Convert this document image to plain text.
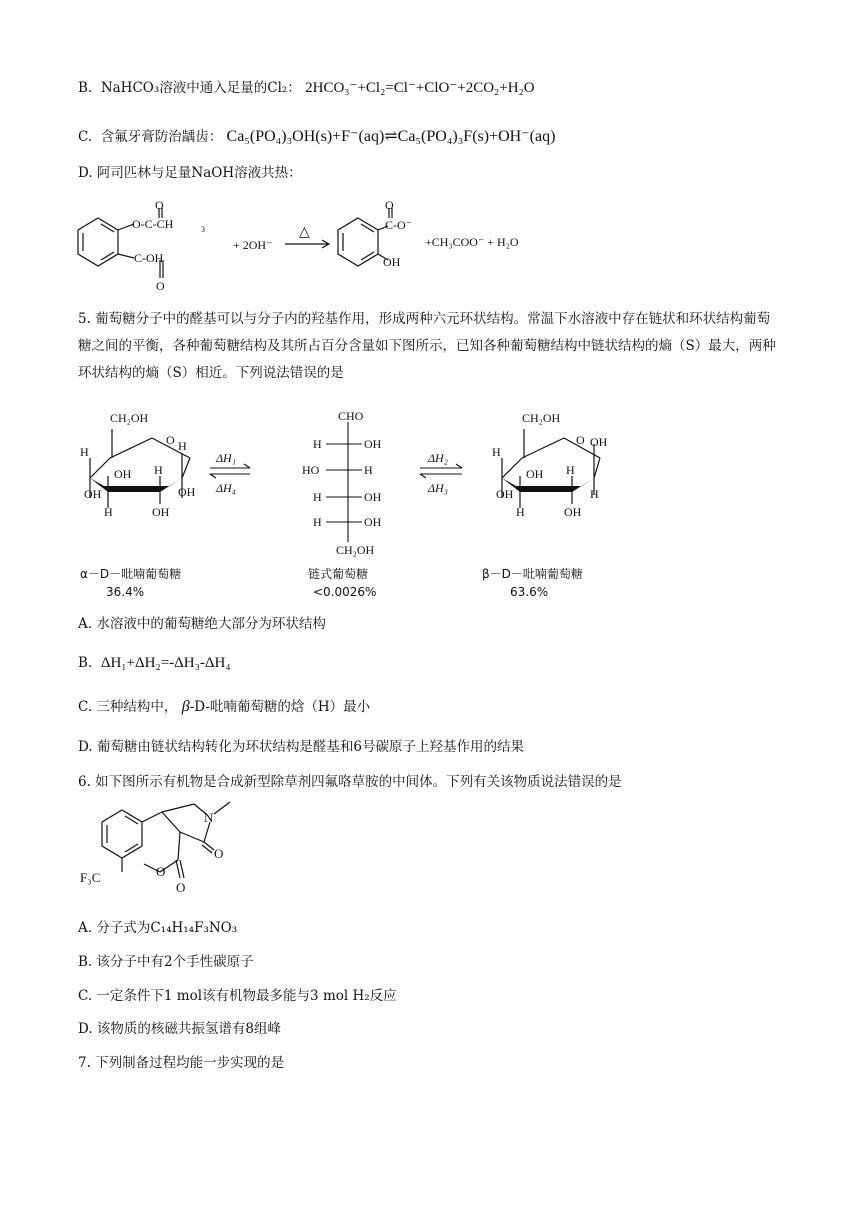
B. NaHCO₃溶液中通入足量的Cl₂： 2HCO₃⁻+Cl₂=Cl⁻+ClO⁻+2CO₂+H₂O
C. 含氟牙膏防治龋齿： Ca₅(PO₄)₃OH(s)+F⁻(aq)⇌Ca₅(PO₄)₃F(s)+OH⁻(aq)
D. 阿司匹林与足量NaOH溶液共热：
O
O-C-CH	3
C-OH
O
+ 2OH⁻
△
O
C-O⁻
OH
+CH₃COO⁻ + H₂O
5. 葡萄糖分子中的醛基可以与分子内的羟基作用，形成两种六元环状结构。常温下水溶液中存在链状和环状结构葡萄糖之间的平衡，各种葡萄糖结构及其所占百分含量如下图所示，已知各种葡萄糖结构中链状结构的熵（S）最大，两种环状结构的熵（S）相近。下列说法错误的是
CH₂OH
O H
H
OH H
OH	OH
H	OH
ΔH₁
ΔH₄
CHO
H	OH
HO	H
H	OH
H	OH
CH₂OH
ΔH₂
ΔH₃
CH₂OH
O OH
H
OH H
OH	H
H	OH
α－D－吡喃葡萄糖
36.4%
链式葡萄糖
<0.0026%
β－D－吡喃葡萄糖
63.6%
A. 水溶液中的葡萄糖绝大部分为环状结构
B. ΔH₁+ΔH₂=-ΔH₃-ΔH₄
C. 三种结构中， β-D-吡喃葡萄糖的焓（H）最小
D. 葡萄糖由链状结构转化为环状结构是醛基和6号碳原子上羟基作用的结果
6. 如下图所示有机物是合成新型除草剂四氟咯草胺的中间体。下列有关该物质说法错误的是
N
O
O
O
F₃C
A. 分子式为C₁₄H₁₄F₃NO₃
B. 该分子中有2个手性碳原子
C. 一定条件下1 mol该有机物最多能与3 mol H₂反应
D. 该物质的核磁共振氢谱有8组峰
7. 下列制备过程均能一步实现的是
